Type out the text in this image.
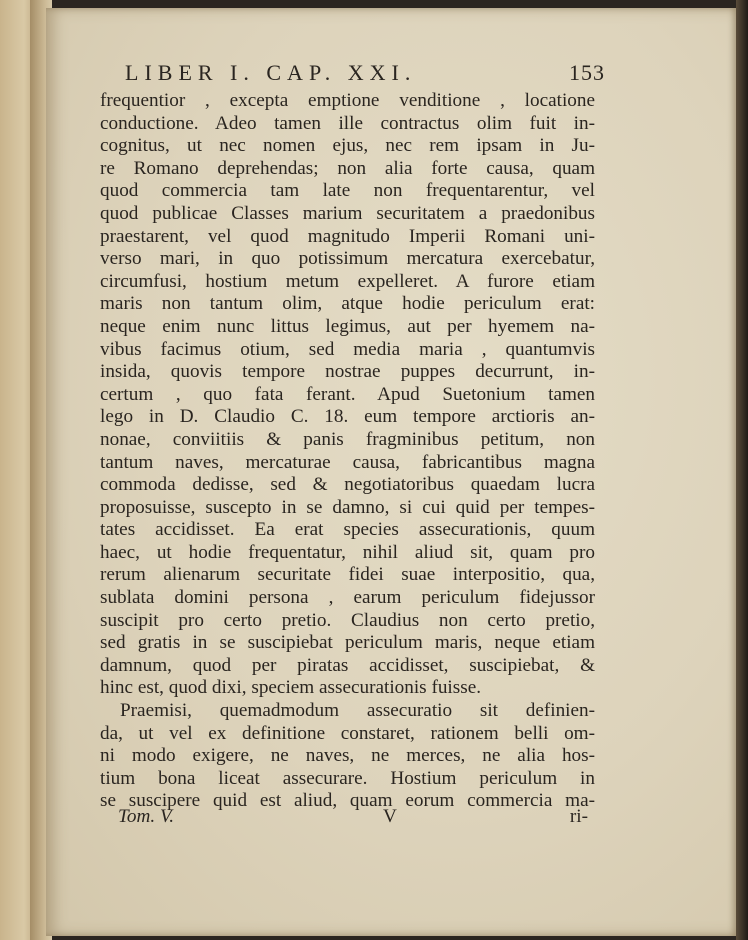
LIBER I. CAP. XXI.	153
frequentior , excepta emptione venditione , locatione
conductione. Adeo tamen ille contractus olim fuit in-
cognitus, ut nec nomen ejus, nec rem ipsam in Ju-
re Romano deprehendas; non alia forte causa, quam
quod commercia tam late non frequentarentur, vel
quod publicae Classes marium securitatem a praedonibus
praestarent, vel quod magnitudo Imperii Romani uni-
verso mari, in quo potissimum mercatura exercebatur,
circumfusi, hostium metum expelleret. A furore etiam
maris non tantum olim, atque hodie periculum erat:
neque enim nunc littus legimus, aut per hyemem na-
vibus facimus otium, sed media maria , quantumvis
insida, quovis tempore nostrae puppes decurrunt, in-
certum , quo fata ferant. Apud Suetonium tamen
lego in D. Claudio C. 18. eum tempore arctioris an-
nonae, conviitiis & panis fragminibus petitum, non
tantum naves, mercaturae causa, fabricantibus magna
commoda dedisse, sed & negotiatoribus quaedam lucra
proposuisse, suscepto in se damno, si cui quid per tempes-
tates accidisset. Ea erat species assecurationis, quum
haec, ut hodie frequentatur, nihil aliud sit, quam pro
rerum alienarum securitate fidei suae interpositio, qua,
sublata domini persona , earum periculum fidejussor
suscipit pro certo pretio. Claudius non certo pretio,
sed gratis in se suscipiebat periculum maris, neque etiam
damnum, quod per piratas accidisset, suscipiebat, &
hinc est, quod dixi, speciem assecurationis fuisse.
Praemisi, quemadmodum assecuratio sit definien-
da, ut vel ex definitione constaret, rationem belli om-
ni modo exigere, ne naves, ne merces, ne alia hos-
tium bona liceat assecurare. Hostium periculum in
se suscipere quid est aliud, quam eorum commercia ma-
Tom. V.	V	ri-
